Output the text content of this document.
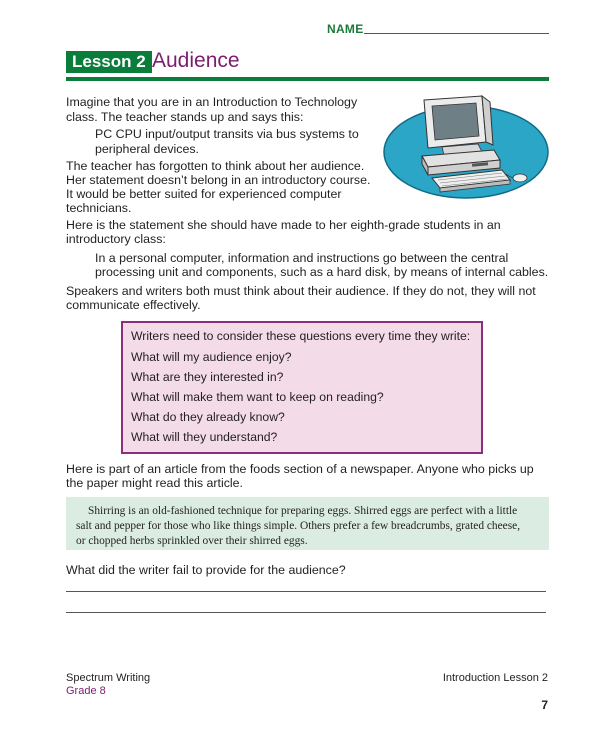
NAME
Lesson 2 Audience
Imagine that you are in an Introduction to Technology
class. The teacher stands up and says this:
PC CPU input/output transits via bus systems to
peripheral devices.
The teacher has forgotten to think about her audience.
Her statement doesn’t belong in an introductory course.
It would be better suited for experienced computer
technicians.
Here is the statement she should have made to her eighth-grade students in an
introductory class:
In a personal computer, information and instructions go between the central
processing unit and components, such as a hard disk, by means of internal cables.
Speakers and writers both must think about their audience. If they do not, they will not
communicate effectively.
Writers need to consider these questions every time they write:
What will my audience enjoy?
What are they interested in?
What will make them want to keep on reading?
What do they already know?
What will they understand?
Here is part of an article from the foods section of a newspaper. Anyone who picks up
the paper might read this article.
Shirring is an old-fashioned technique for preparing eggs. Shirred eggs are perfect with a little
salt and pepper for those who like things simple. Others prefer a few breadcrumbs, grated cheese,
or chopped herbs sprinkled over their shirred eggs.
What did the writer fail to provide for the audience?
Spectrum Writing
Grade 8
Introduction Lesson 2
7
